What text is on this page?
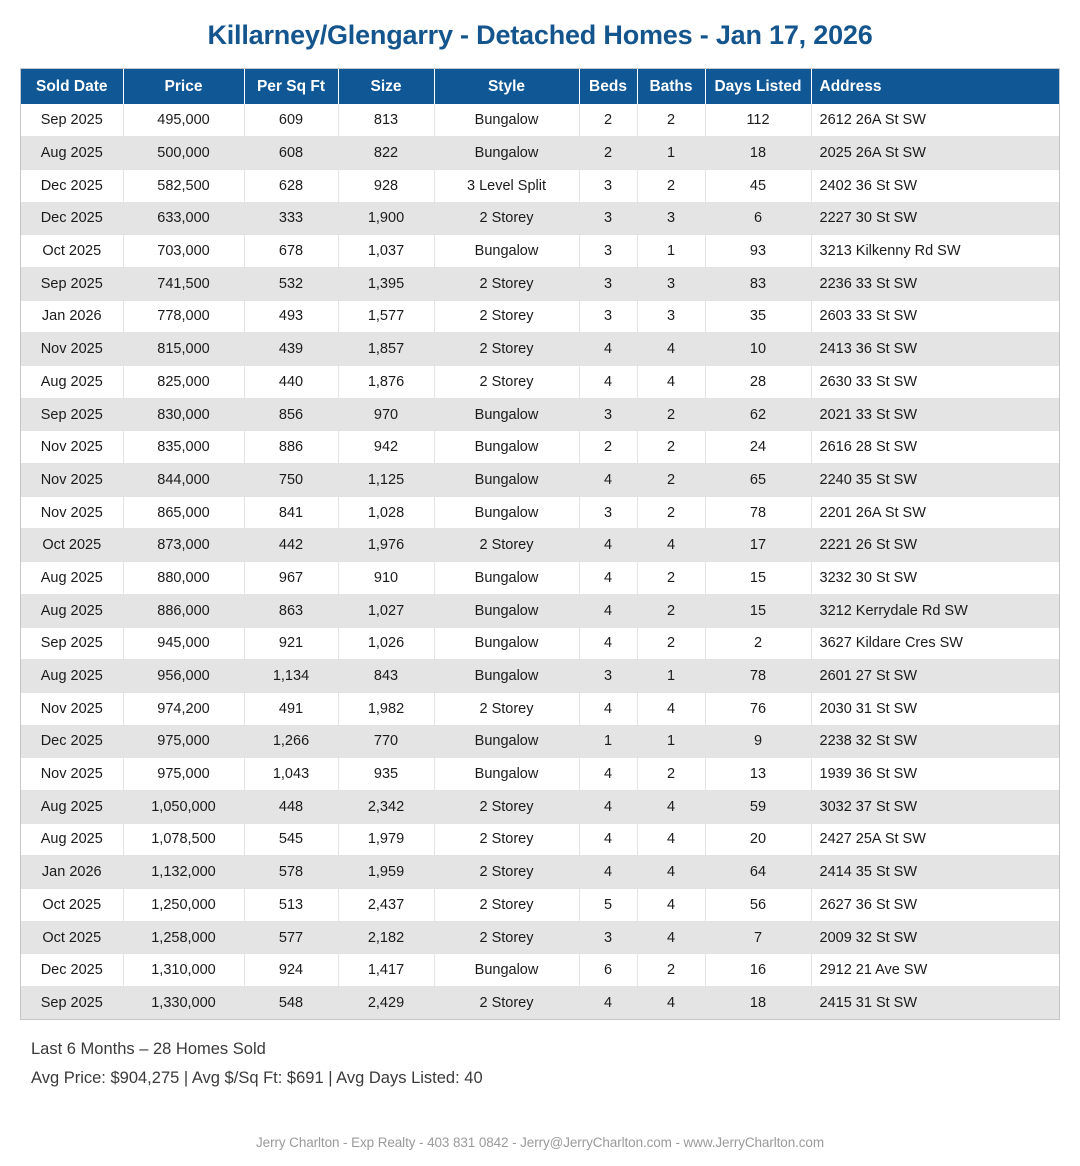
Killarney/Glengarry - Detached Homes - Jan 17, 2026
Sold Date	Price	Per Sq Ft	Size	Style	Beds	Baths	Days Listed	Address
Sep 2025	495,000	609	813	Bungalow	2	2	112	2612 26A St SW
Aug 2025	500,000	608	822	Bungalow	2	1	18	2025 26A St SW
Dec 2025	582,500	628	928	3 Level Split	3	2	45	2402 36 St SW
Dec 2025	633,000	333	1,900	2 Storey	3	3	6	2227 30 St SW
Oct 2025	703,000	678	1,037	Bungalow	3	1	93	3213 Kilkenny Rd SW
Sep 2025	741,500	532	1,395	2 Storey	3	3	83	2236 33 St SW
Jan 2026	778,000	493	1,577	2 Storey	3	3	35	2603 33 St SW
Nov 2025	815,000	439	1,857	2 Storey	4	4	10	2413 36 St SW
Aug 2025	825,000	440	1,876	2 Storey	4	4	28	2630 33 St SW
Sep 2025	830,000	856	970	Bungalow	3	2	62	2021 33 St SW
Nov 2025	835,000	886	942	Bungalow	2	2	24	2616 28 St SW
Nov 2025	844,000	750	1,125	Bungalow	4	2	65	2240 35 St SW
Nov 2025	865,000	841	1,028	Bungalow	3	2	78	2201 26A St SW
Oct 2025	873,000	442	1,976	2 Storey	4	4	17	2221 26 St SW
Aug 2025	880,000	967	910	Bungalow	4	2	15	3232 30 St SW
Aug 2025	886,000	863	1,027	Bungalow	4	2	15	3212 Kerrydale Rd SW
Sep 2025	945,000	921	1,026	Bungalow	4	2	2	3627 Kildare Cres SW
Aug 2025	956,000	1,134	843	Bungalow	3	1	78	2601 27 St SW
Nov 2025	974,200	491	1,982	2 Storey	4	4	76	2030 31 St SW
Dec 2025	975,000	1,266	770	Bungalow	1	1	9	2238 32 St SW
Nov 2025	975,000	1,043	935	Bungalow	4	2	13	1939 36 St SW
Aug 2025	1,050,000	448	2,342	2 Storey	4	4	59	3032 37 St SW
Aug 2025	1,078,500	545	1,979	2 Storey	4	4	20	2427 25A St SW
Jan 2026	1,132,000	578	1,959	2 Storey	4	4	64	2414 35 St SW
Oct 2025	1,250,000	513	2,437	2 Storey	5	4	56	2627 36 St SW
Oct 2025	1,258,000	577	2,182	2 Storey	3	4	7	2009 32 St SW
Dec 2025	1,310,000	924	1,417	Bungalow	6	2	16	2912 21 Ave SW
Sep 2025	1,330,000	548	2,429	2 Storey	4	4	18	2415 31 St SW
Last 6 Months – 28 Homes Sold
Avg Price: $904,275 | Avg $/Sq Ft: $691 | Avg Days Listed: 40
Jerry Charlton - Exp Realty - 403 831 0842 - Jerry@JerryCharlton.com - www.JerryCharlton.com
